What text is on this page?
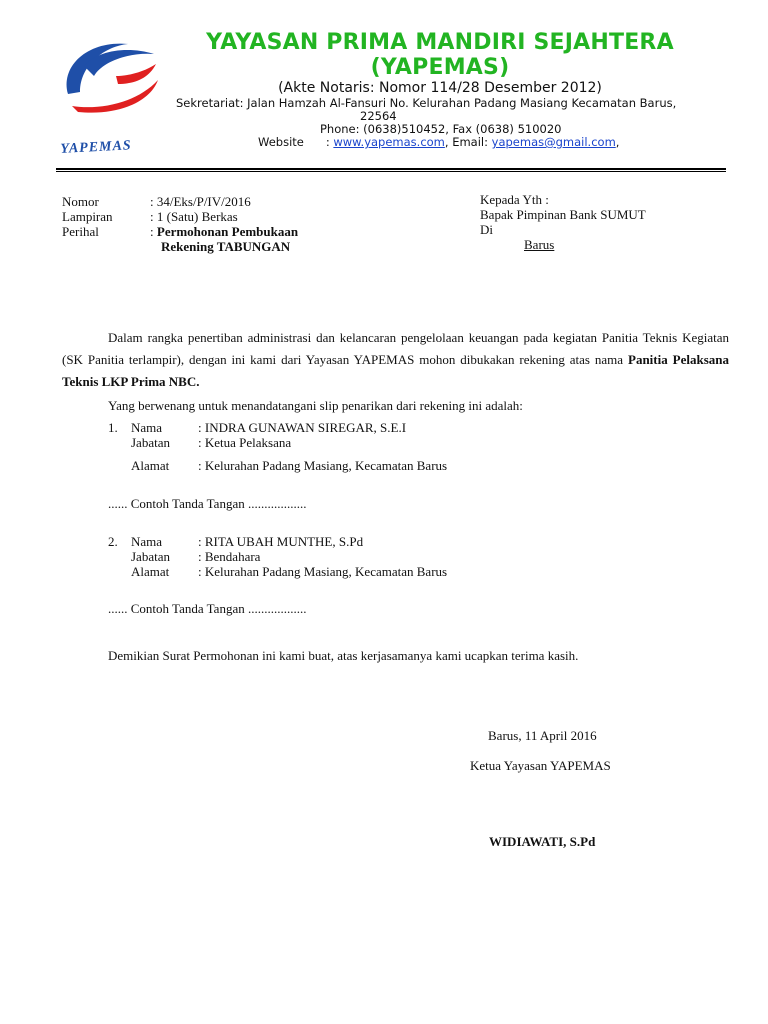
YAPEMAS
YAYASAN PRIMA MANDIRI SEJAHTERA (YAPEMAS)
(Akte Notaris: Nomor 114/28 Desember 2012)
Sekretariat: Jalan Hamzah Al-Fansuri No. Kelurahan Padang Masiang Kecamatan Barus,
22564
Phone: (0638)510452, Fax (0638) 510020
Website : www.yapemas.com, Email: yapemas@gmail.com,
Nomor	: 34/Eks/P/IV/2016
Lampiran	: 1 (Satu) Berkas
Perihal	: Permohonan Pembukaan
Rekening TABUNGAN
Kepada Yth :
Bapak Pimpinan Bank SUMUT
Di
Barus
Dalam rangka penertiban administrasi dan kelancaran pengelolaan keuangan pada kegiatan Panitia Teknis Kegiatan (SK Panitia terlampir), dengan ini kami dari Yayasan YAPEMAS mohon dibukakan rekening atas nama Panitia Pelaksana Teknis LKP Prima NBC.
Yang berwenang untuk menandatangani slip penarikan dari rekening ini adalah:
1. Nama	: INDRA GUNAWAN SIREGAR, S.E.I
Jabatan : Ketua Pelaksana
Alamat : Kelurahan Padang Masiang, Kecamatan Barus
...... Contoh Tanda Tangan ..................
2. Nama	: RITA UBAH MUNTHE, S.Pd
Jabatan : Bendahara
Alamat : Kelurahan Padang Masiang, Kecamatan Barus
...... Contoh Tanda Tangan ..................
Demikian Surat Permohonan ini kami buat, atas kerjasamanya kami ucapkan terima kasih.
Barus, 11 April 2016
Ketua Yayasan YAPEMAS
WIDIAWATI, S.Pd
